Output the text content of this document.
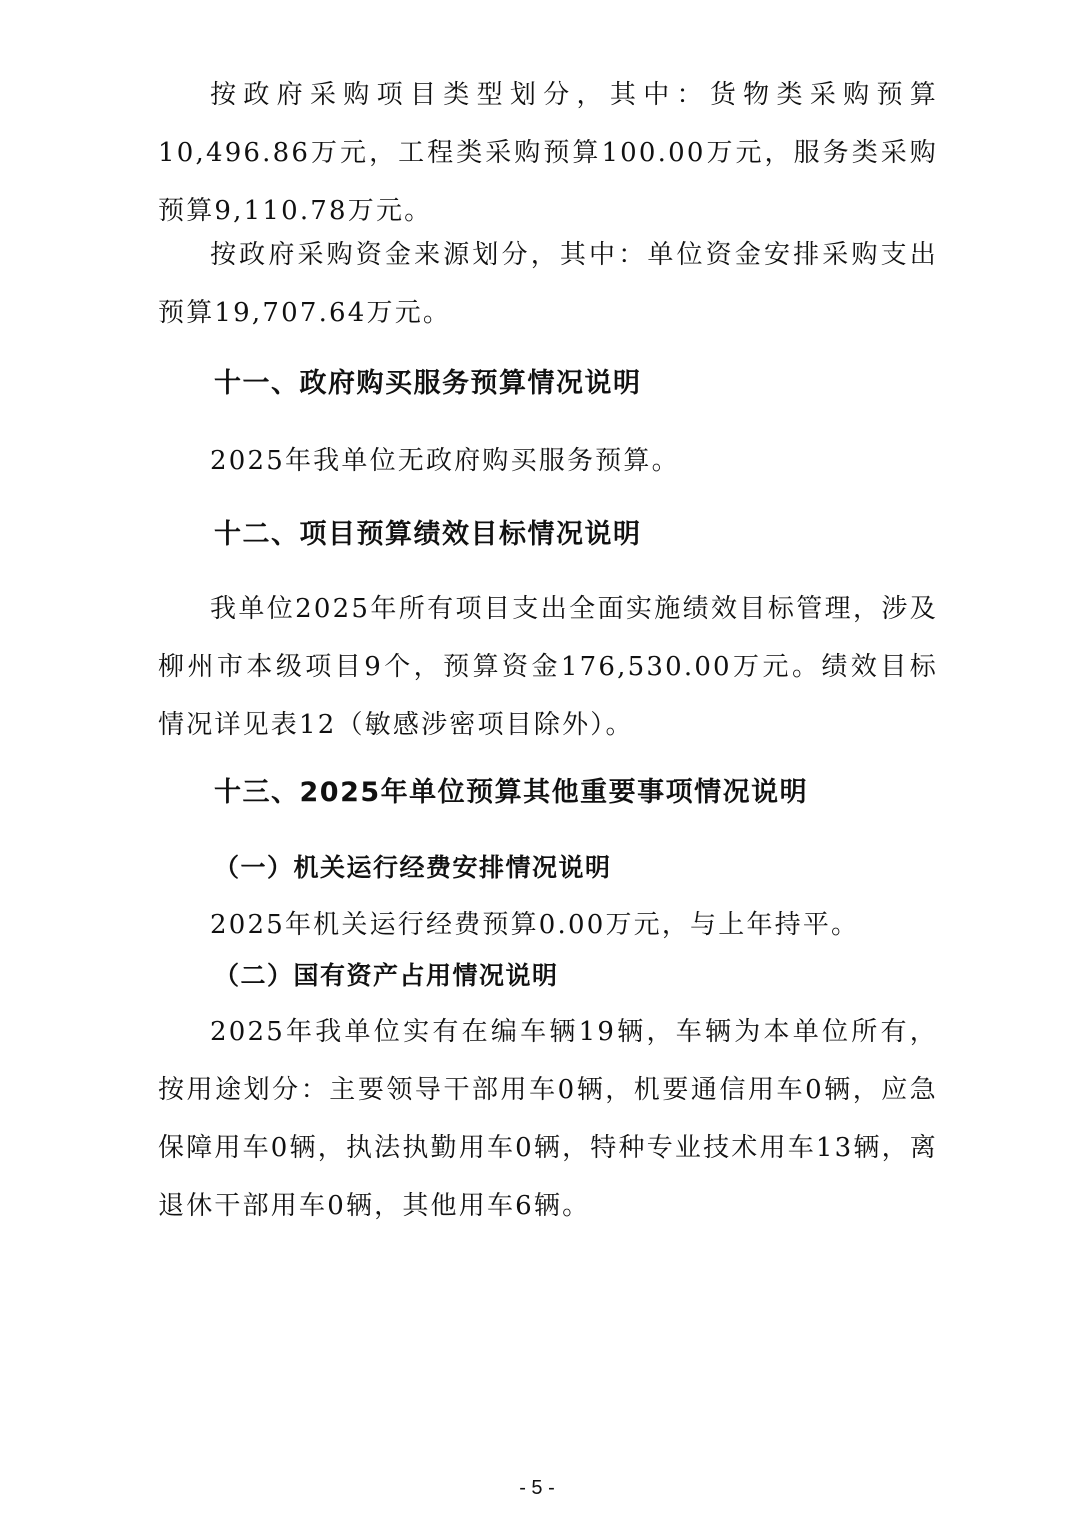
按政府采购项目类型划分，其中：货物类采购预算10,496.86万元，工程类采购预算100.00万元，服务类采购预算9,110.78万元。

按政府采购资金来源划分，其中：单位资金安排采购支出预算19,707.64万元。

十一、政府购买服务预算情况说明

2025年我单位无政府购买服务预算。

十二、项目预算绩效目标情况说明

我单位2025年所有项目支出全面实施绩效目标管理，涉及柳州市本级项目9个，预算资金176,530.00万元。绩效目标情况详见表12（敏感涉密项目除外）。

十三、2025年单位预算其他重要事项情况说明
（一）机关运行经费安排情况说明

2025年机关运行经费预算0.00万元，与上年持平。

（二）国有资产占用情况说明

2025年我单位实有在编车辆19辆，车辆为本单位所有，按用途划分：主要领导干部用车0辆，机要通信用车0辆，应急保障用车0辆，执法执勤用车0辆，特种专业技术用车13辆，离退休干部用车0辆，其他用车6辆。

- 5 -
